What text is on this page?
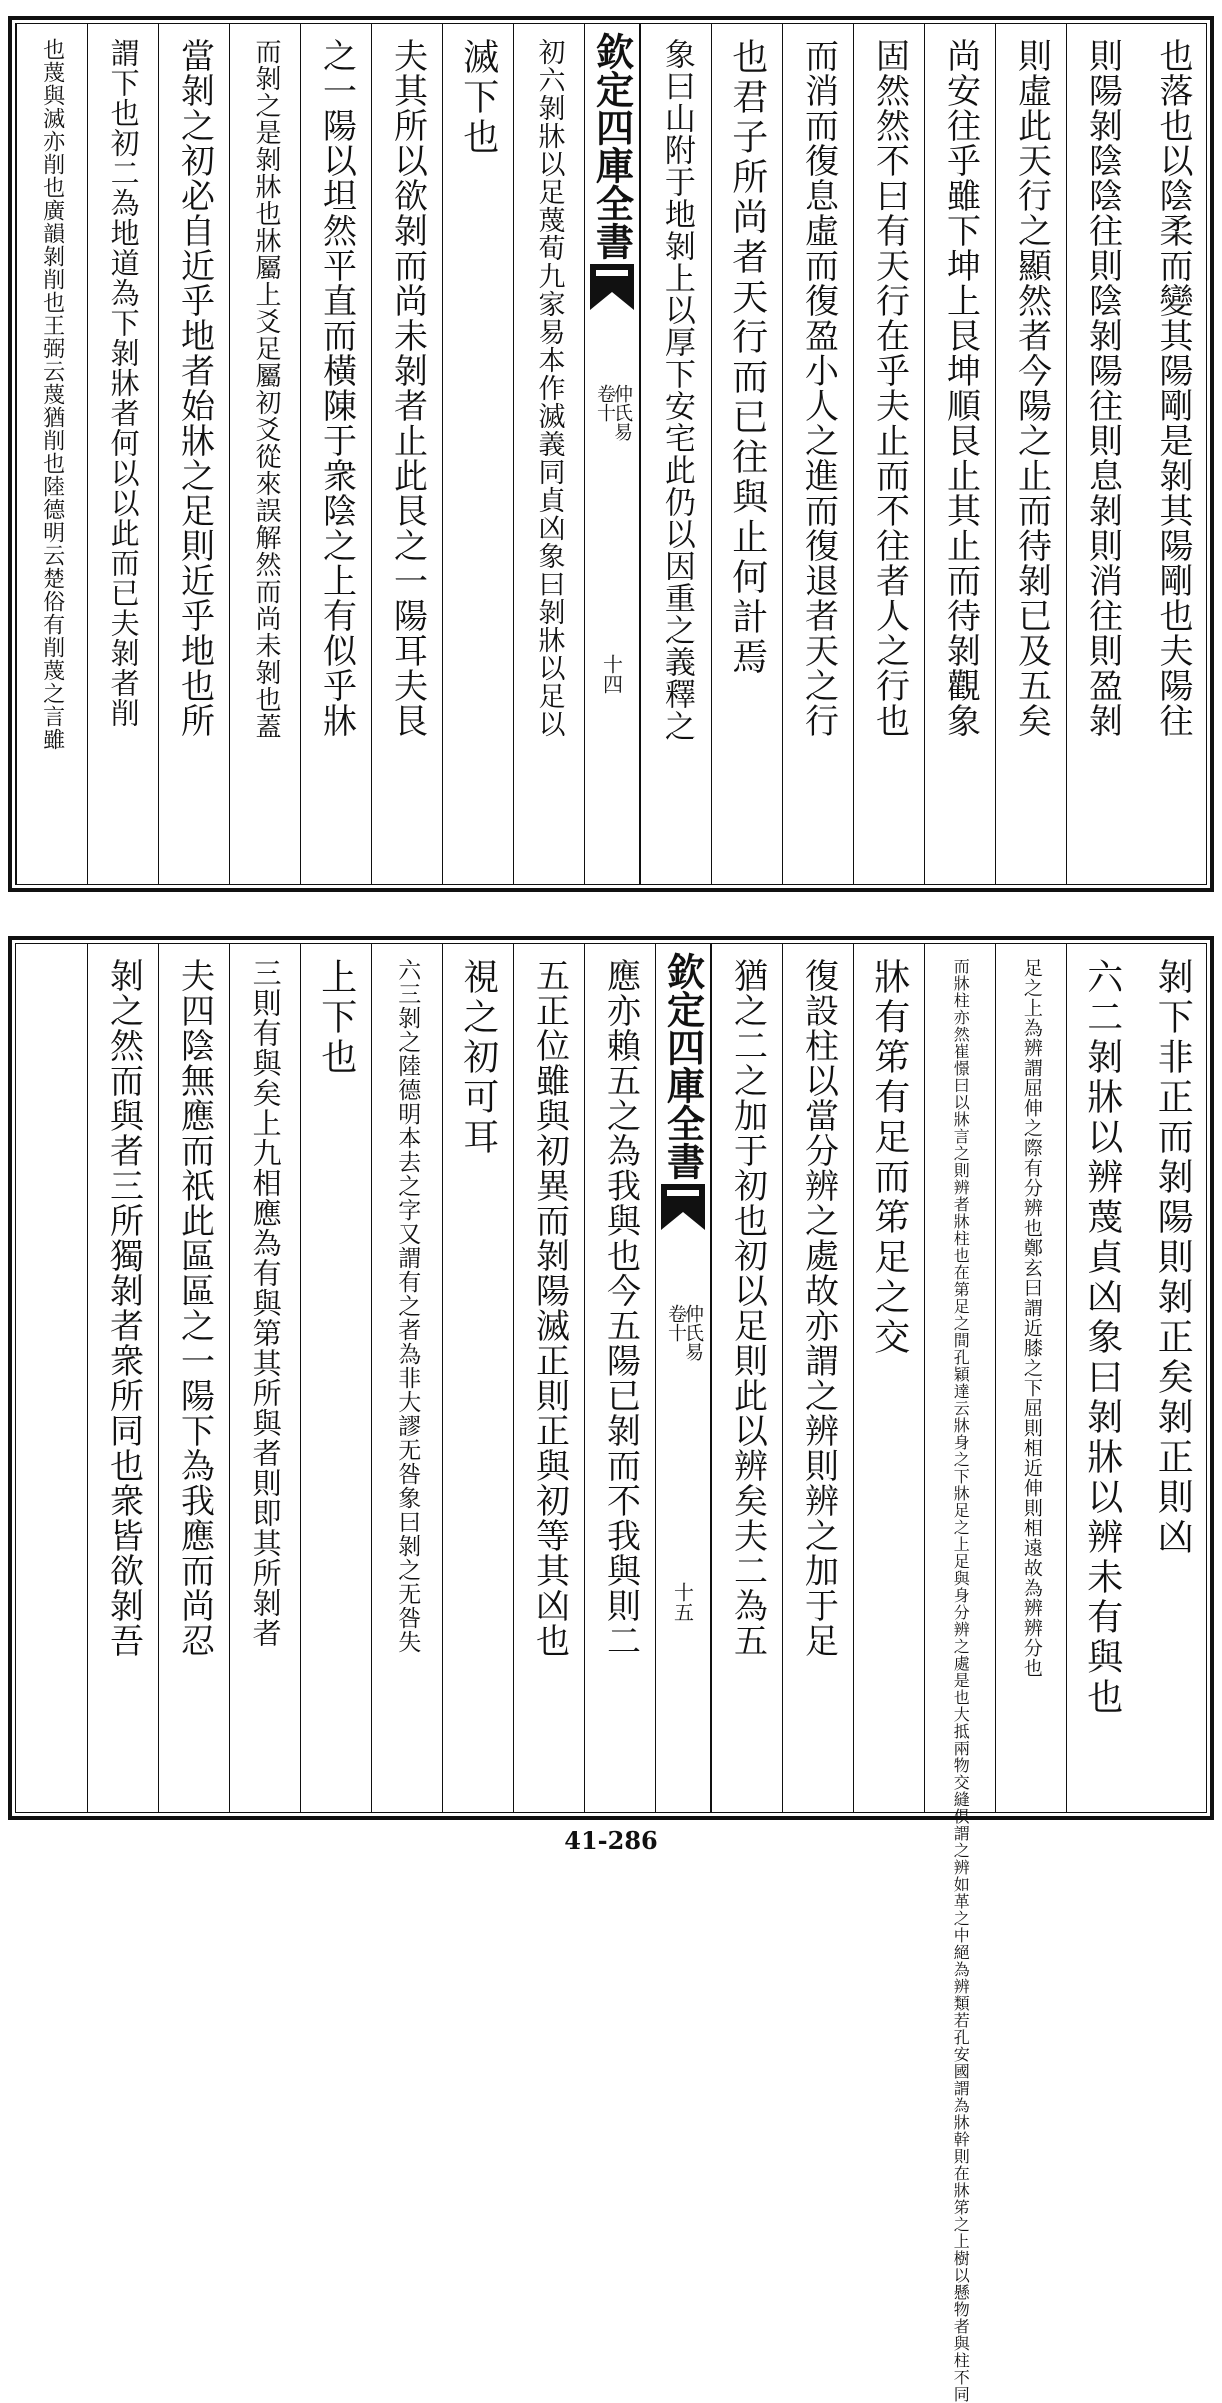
也落也以陰柔而變其陽剛是剝其陽剛也夫陽往
則陽剝陰陰往則陰剝陽往則息剝則消往則盈剝
則虛此天行之顯然者今陽之止而待剝已及五矣
尚安往乎雖下坤上艮坤順艮止其止而待剝觀象
固然然不曰有天行在乎夫止而不往者人之行也
而消而復息虛而復盈小人之進而復退者天之行
也君子所尚者天行而已往與止何計焉
象曰山附于地剝上以厚下安宅此仍以因重之義釋之
欽定四庫全書
仲氏易
卷十
十四
初六剝牀以足蔑荀九家易本作滅義同貞凶象曰剝牀以足以
滅下也
夫其所以欲剝而尚未剝者止此艮之一陽耳夫艮
之一陽以坦然平直而橫陳于衆陰之上有似乎牀
而剝之是剝牀也牀屬上爻足屬初爻從來誤解然而尚未剝也蓋
當剝之初必自近乎地者始牀之足則近乎地也所
謂下也初二為地道為下剝牀者何以以此而已夫剝者削
也蔑與滅亦削也廣韻剝削也王弼云蔑猶削也陸德明云楚俗有削蔑之言雖
剝下非正而剝陽則剝正矣剝正則凶
六二剝牀以辨蔑貞凶象曰剝牀以辨未有與也
足之上為辨謂屈伸之際有分辨也鄭玄曰謂近膝之下屈則相近伸則相遠故為辨辨分也
而牀柱亦然崔憬曰以牀言之則辨者牀柱也在第足之間孔穎達云牀身之下牀足之上足與身分辨之處是也大抵兩物交縫俱謂之辨如革之中絕為辨類若孔安國謂為牀幹則在牀笫之上樹以懸物者與柱不同
牀有笫有足而笫足之交
復設柱以當分辨之處故亦謂之辨則辨之加于足
猶之二之加于初也初以足則此以辨矣夫二為五
欽定四庫全書
仲氏易
卷十
十五
應亦賴五之為我與也今五陽已剝而不我與則二
五正位雖與初異而剝陽滅正則正與初等其凶也
視之初可耳
六三剝之陸德明本去之字又謂有之者為非大謬无咎象曰剝之无咎失
上下也
三則有與矣上九相應為有與第其所與者則即其所剝者
夫四陰無應而祇此區區之一陽下為我應而尚忍
剝之然而與者三所獨剝者衆所同也衆皆欲剝吾
41-286
